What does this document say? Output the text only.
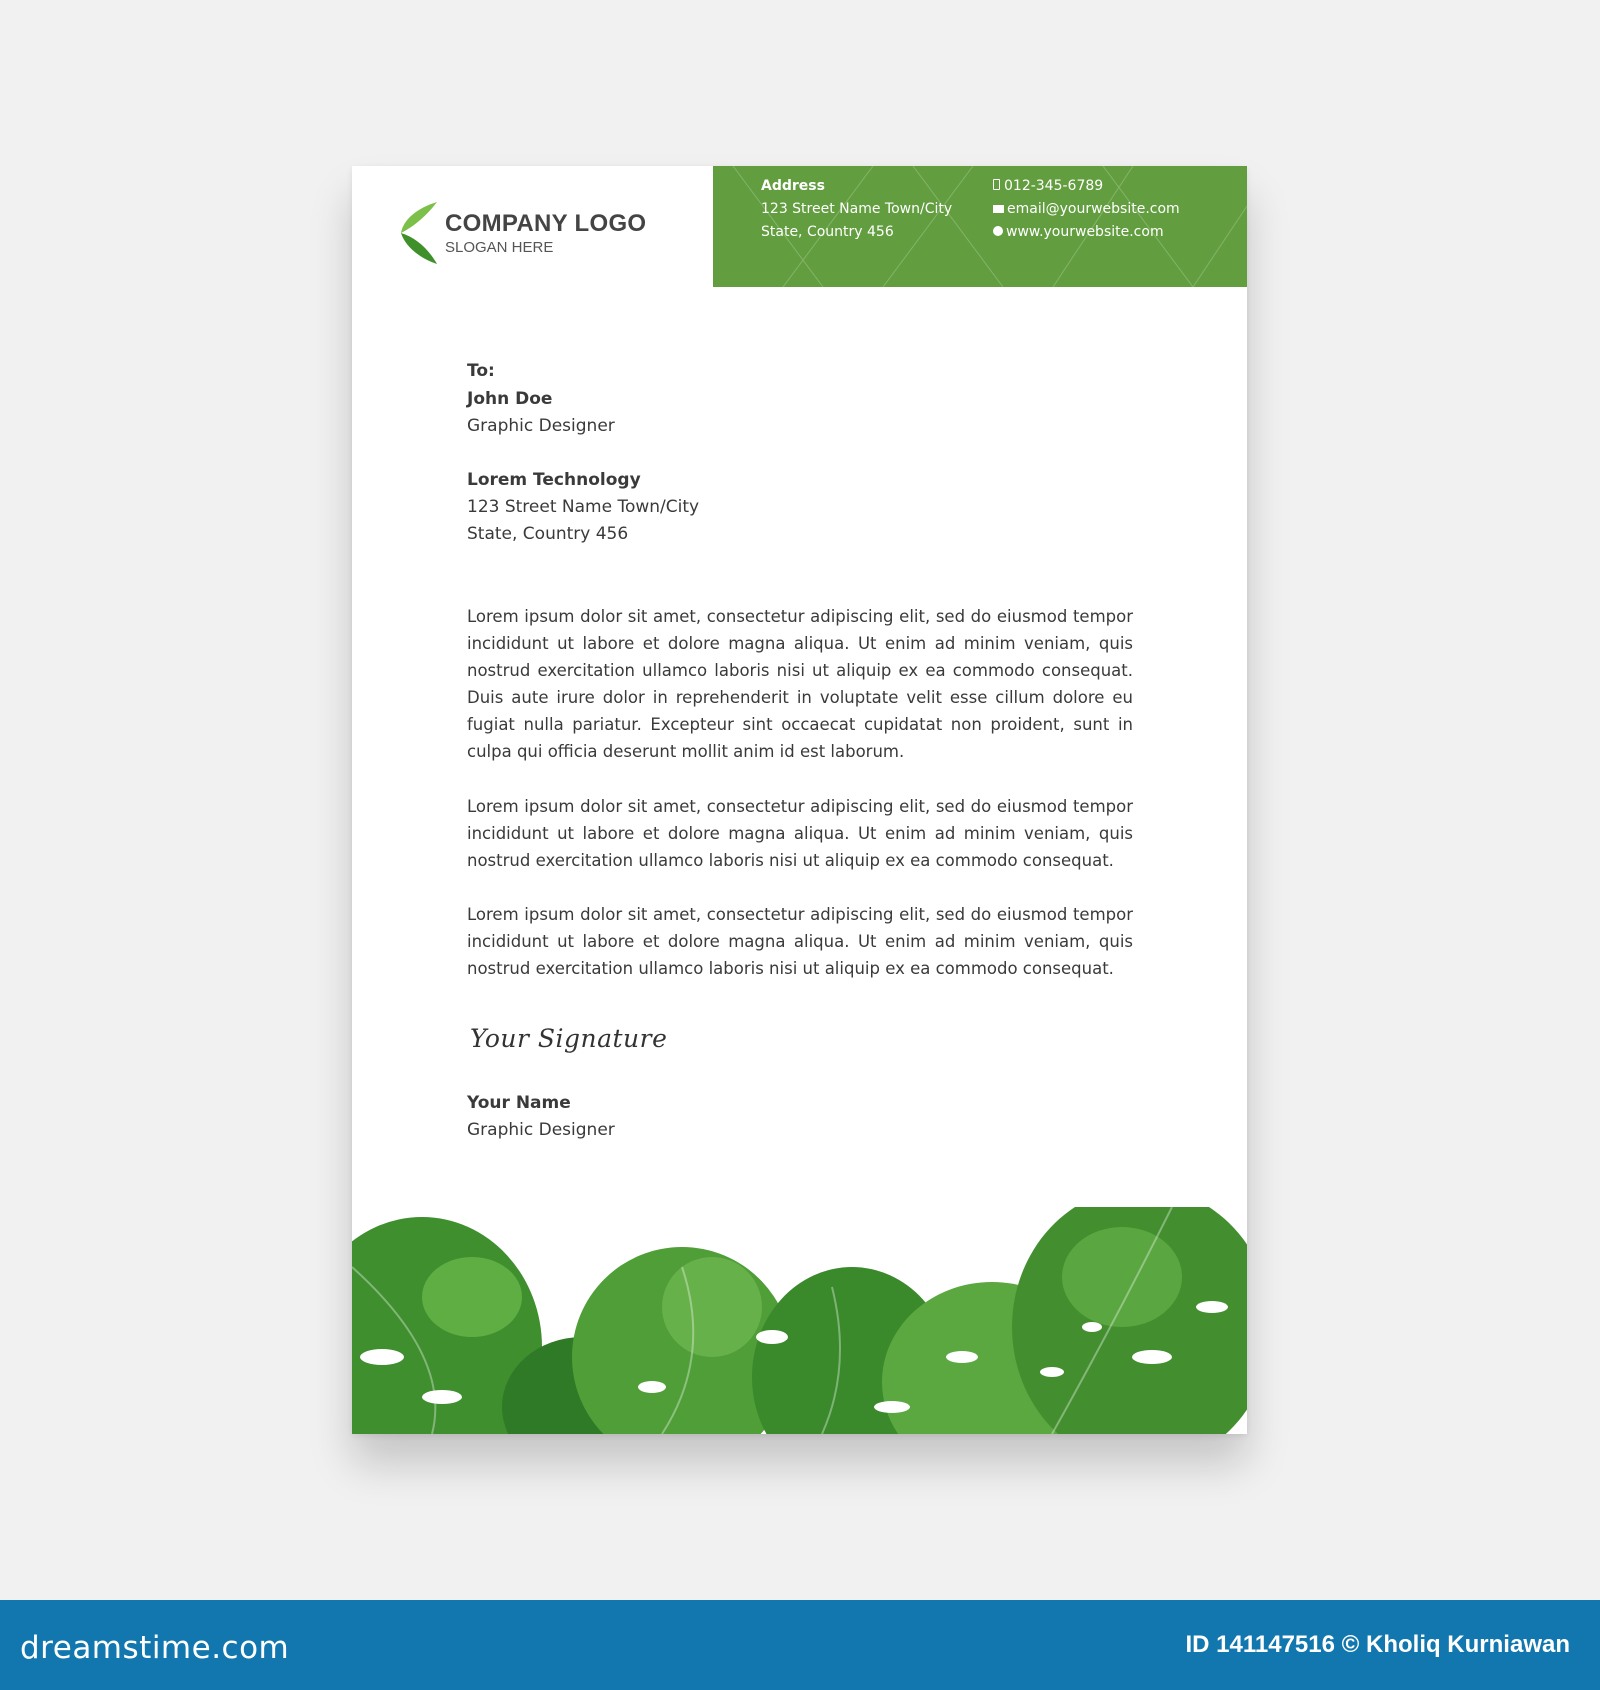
COMPANY LOGO
SLOGAN HERE
Address
123 Street Name Town/City
State, Country 456
012-345-6789
email@yourwebsite.com
www.yourwebsite.com
To:
John Doe
Graphic Designer
Lorem Technology
123 Street Name Town/City
State, Country 456

Lorem ipsum dolor sit amet, consectetur adipiscing elit, sed do eiusmod tempor incididunt ut labore et dolore magna aliqua. Ut enim ad minim veniam, quis nostrud exercitation ullamco laboris nisi ut aliquip ex ea commodo consequat. Duis aute irure dolor in reprehenderit in voluptate velit esse cillum dolore eu fugiat nulla pariatur. Excepteur sint occaecat cupidatat non proident, sunt in culpa qui officia deserunt mollit anim id est laborum.

Lorem ipsum dolor sit amet, consectetur adipiscing elit, sed do eiusmod tempor incididunt ut labore et dolore magna aliqua. Ut enim ad minim veniam, quis nostrud exercitation ullamco laboris nisi ut aliquip ex ea commodo consequat.

Lorem ipsum dolor sit amet, consectetur adipiscing elit, sed do eiusmod tempor incididunt ut labore et dolore magna aliqua. Ut enim ad minim veniam, quis nostrud exercitation ullamco laboris nisi ut aliquip ex ea commodo consequat.

Your Signature
Your Name
Graphic Designer
dreamstime.com	ID 141147516 © Kholiq Kurniawan
